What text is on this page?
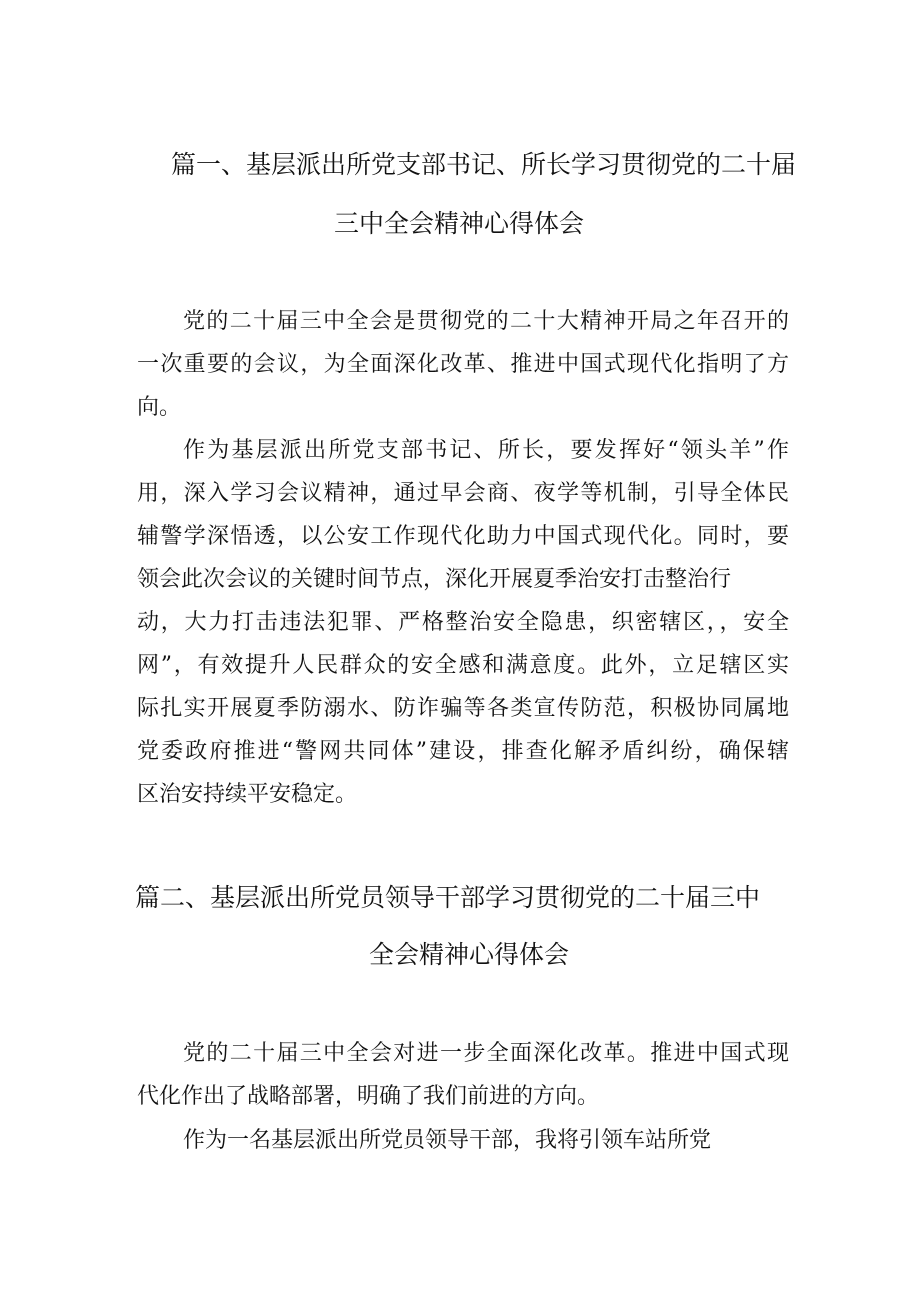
篇一、基层派出所党支部书记、所长学习贯彻党的二十届
三中全会精神心得体会
党的二十届三中全会是贯彻党的二十大精神开局之年召开的
一次重要的会议，为全面深化改革、推进中国式现代化指明了方
向。
作为基层派出所党支部书记、所长，要发挥好“领头羊”作
用，深入学习会议精神，通过早会商、夜学等机制，引导全体民
辅警学深悟透，以公安工作现代化助力中国式现代化。同时，要
领会此次会议的关键时间节点，深化开展夏季治安打击整治行
动，大力打击违法犯罪、严格整治安全隐患，织密辖区，，安全
网”，有效提升人民群众的安全感和满意度。此外，立足辖区实
际扎实开展夏季防溺水、防诈骗等各类宣传防范，积极协同属地
党委政府推进“警网共同体”建设，排查化解矛盾纠纷，确保辖
区治安持续平安稳定。
篇二、基层派出所党员领导干部学习贯彻党的二十届三中
全会精神心得体会
党的二十届三中全会对进一步全面深化改革。推进中国式现
代化作出了战略部署，明确了我们前进的方向。
作为一名基层派出所党员领导干部，我将引领车站所党
